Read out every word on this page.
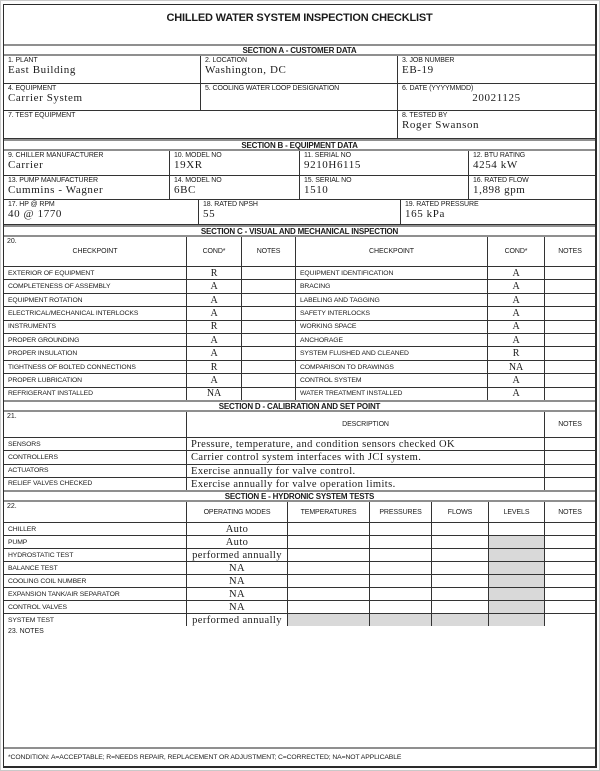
CHILLED WATER SYSTEM INSPECTION CHECKLIST
SECTION A - CUSTOMER DATA
1. PLANT
East Building
2. LOCATION
Washington, DC
3. JOB NUMBER
EB-19
4. EQUIPMENT
Carrier System
5. COOLING WATER LOOP DESIGNATION	6. DATE (YYYYMMDD)
20021125
7. TEST EQUIPMENT	8. TESTED BY
Roger Swanson
SECTION B - EQUIPMENT DATA
9. CHILLER MANUFACTURER
Carrier
10. MODEL NO
19XR
11. SERIAL NO
9210H6115
12. BTU RATING
4254 kW
13. PUMP MANUFACTURER
Cummins - Wagner
14. MODEL NO
6BC
15. SERIAL NO
1510
16. RATED FLOW
1,898 gpm
17. HP @ RPM
40 @ 1770
18. RATED NPSH
55
19. RATED PRESSURE
165 kPa
SECTION C - VISUAL AND MECHANICAL INSPECTION
20.
CHECKPOINT	COND*	NOTES	CHECKPOINT	COND*	NOTES
EXTERIOR OF EQUIPMENT	R	EQUIPMENT IDENTIFICATION	A
COMPLETENESS OF ASSEMBLY	A	BRACING	A
EQUIPMENT ROTATION	A	LABELING AND TAGGING	A
ELECTRICAL/MECHANICAL INTERLOCKS	A	SAFETY INTERLOCKS	A
INSTRUMENTS	R	WORKING SPACE	A
PROPER GROUNDING	A	ANCHORAGE	A
PROPER INSULATION	A	SYSTEM FLUSHED AND CLEANED	R
TIGHTNESS OF BOLTED CONNECTIONS	R	COMPARISON TO DRAWINGS	NA
PROPER LUBRICATION	A	CONTROL SYSTEM	A
REFRIGERANT INSTALLED	NA	WATER TREATMENT INSTALLED	A
SECTION D - CALIBRATION AND SET POINT
21.
DESCRIPTION	NOTES
SENSORS	Pressure, temperature, and condition sensors checked OK
CONTROLLERS	Carrier control system interfaces with JCI system.
ACTUATORS	Exercise annually for valve control.
RELIEF VALVES CHECKED	Exercise annually for valve operation limits.
SECTION E - HYDRONIC SYSTEM TESTS
22.
OPERATING MODES	TEMPERATURES	PRESSURES	FLOWS	LEVELS	NOTES
CHILLER	Auto
PUMP	Auto
HYDROSTATIC TEST	performed annually
BALANCE TEST	NA
COOLING COIL NUMBER	NA
EXPANSION TANK/AIR SEPARATOR	NA
CONTROL VALVES	NA
SYSTEM TEST	performed annually
23. NOTES
*CONDITION: A=ACCEPTABLE; R=NEEDS REPAIR, REPLACEMENT OR ADJUSTMENT; C=CORRECTED; NA=NOT APPLICABLE
